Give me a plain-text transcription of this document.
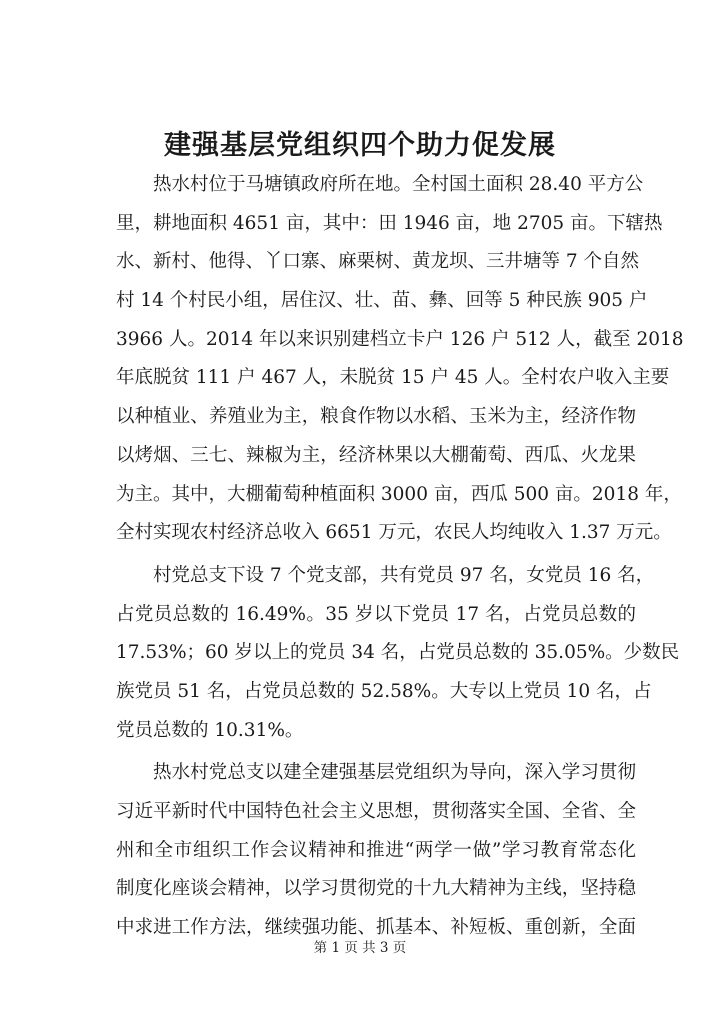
建强基层党组织四个助力促发展
热水村位于马塘镇政府所在地。全村国土面积 28.40 平方公
里，耕地面积 4651 亩，其中：田 1946 亩，地 2705 亩。下辖热
水、新村、他得、丫口寨、麻栗树、黄龙坝、三井塘等 7 个自然
村 14 个村民小组，居住汉、壮、苗、彝、回等 5 种民族 905 户
3966 人。2014 年以来识别建档立卡户 126 户 512 人，截至 2018
年底脱贫 111 户 467 人，未脱贫 15 户 45 人。全村农户收入主要
以种植业、养殖业为主，粮食作物以水稻、玉米为主，经济作物
以烤烟、三七、辣椒为主，经济林果以大棚葡萄、西瓜、火龙果
为主。其中，大棚葡萄种植面积 3000 亩，西瓜 500 亩。2018 年，
全村实现农村经济总收入 6651 万元，农民人均纯收入 1.37 万元。
村党总支下设 7 个党支部，共有党员 97 名，女党员 16 名，
占党员总数的 16.49%。35 岁以下党员 17 名，占党员总数的
17.53%；60 岁以上的党员 34 名，占党员总数的 35.05%。少数民
族党员 51 名，占党员总数的 52.58%。大专以上党员 10 名，占
党员总数的 10.31%。
热水村党总支以建全建强基层党组织为导向，深入学习贯彻
习近平新时代中国特色社会主义思想，贯彻落实全国、全省、全
州和全市组织工作会议精神和推进“两学一做”学习教育常态化
制度化座谈会精神，以学习贯彻党的十九大精神为主线，坚持稳
中求进工作方法，继续强功能、抓基本、补短板、重创新，全面
第 1 页 共 3 页
